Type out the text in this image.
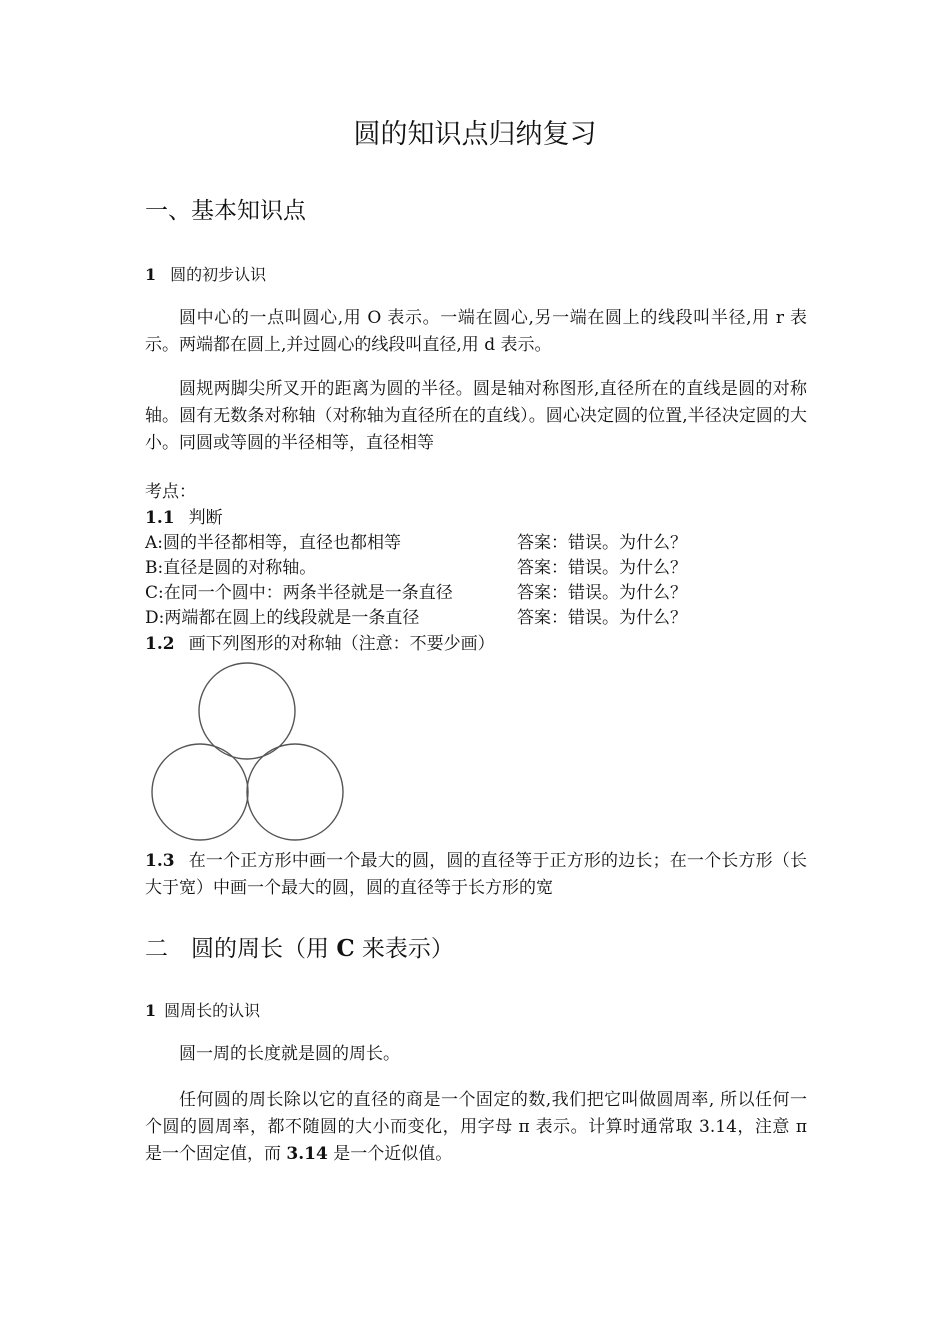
圆的知识点归纳复习
一、基本知识点
1 圆的初步认识
圆中心的一点叫圆心,用 O 表示。一端在圆心,另一端在圆上的线段叫半径,用 r 表示。两端都在圆上,并过圆心的线段叫直径,用 d 表示。
圆规两脚尖所叉开的距离为圆的半径。圆是轴对称图形,直径所在的直线是圆的对称轴。圆有无数条对称轴（对称轴为直径所在的直线）。圆心决定圆的位置,半径决定圆的大小。同圆或等圆的半径相等，直径相等
考点：
1.1 判断
A:圆的半径都相等，直径也都相等	答案：错误。为什么？
B:直径是圆的对称轴。	答案：错误。为什么？
C:在同一个圆中：两条半径就是一条直径	答案：错误。为什么？
D:两端都在圆上的线段就是一条直径	答案：错误。为什么？
1.2 画下列图形的对称轴（注意：不要少画）
1.3 在一个正方形中画一个最大的圆，圆的直径等于正方形的边长；在一个长方形（长大于宽）中画一个最大的圆，圆的直径等于长方形的宽
二　圆的周长（用 C 来表示）
1 圆周长的认识
圆一周的长度就是圆的周长。
任何圆的周长除以它的直径的商是一个固定的数,我们把它叫做圆周率, 所以任何一个圆的圆周率，都不随圆的大小而变化，用字母 π 表示。计算时通常取 3.14，注意 π 是一个固定值，而 3.14 是一个近似值。
